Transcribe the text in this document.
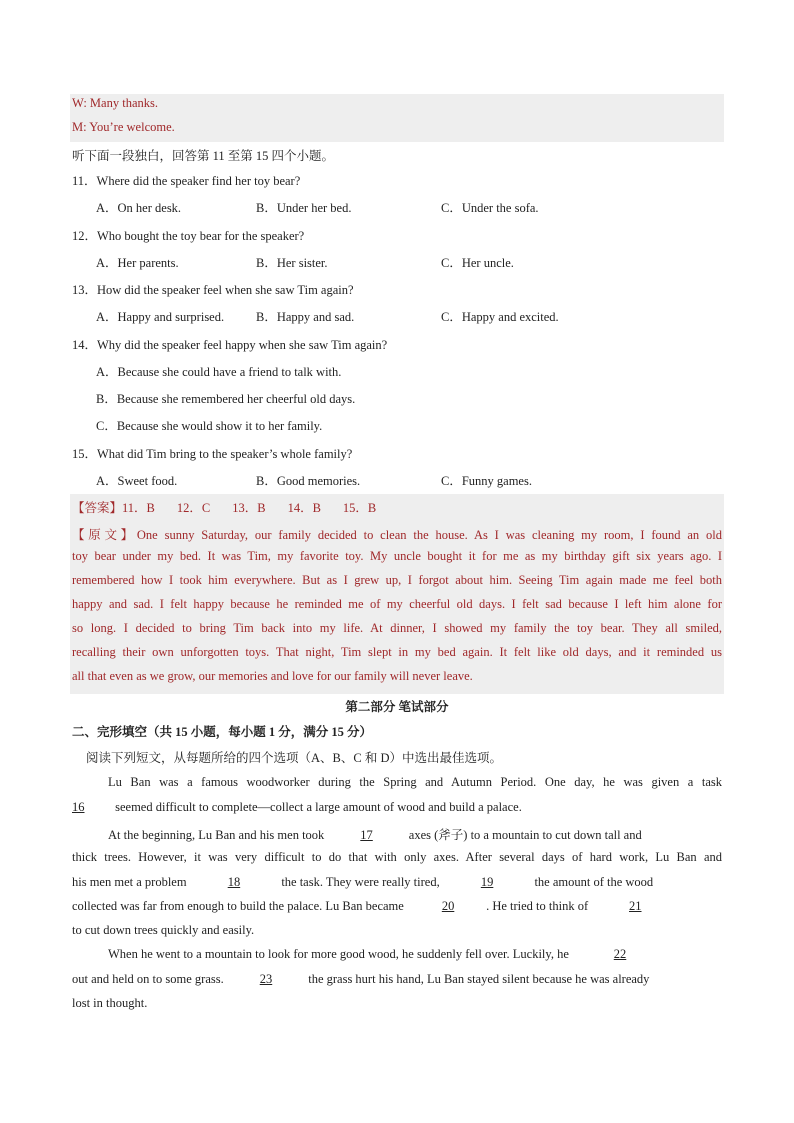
W: Many thanks.
M: You’re welcome.
听下面一段独白，回答第 11 至第 15 四个小题。
11．Where did the speaker find her toy bear?
A．On her desk.	B．Under her bed.	C．Under the sofa.
12．Who bought the toy bear for the speaker?
A．Her parents.	B．Her sister.	C．Her uncle.
13．How did the speaker feel when she saw Tim again?
A．Happy and surprised.	B．Happy and sad.	C．Happy and excited.
14．Why did the speaker feel happy when she saw Tim again?
A．Because she could have a friend to talk with.
B．Because she remembered her cheerful old days.
C．Because she would show it to her family.
15．What did Tim bring to the speaker’s whole family?
A．Sweet food.	B．Good memories.	C．Funny games.
【答案】11．B 12．C 13．B 14．B 15．B
【原文】One sunny Saturday, our family decided to clean the house. As I was cleaning my room, I found an old
toy bear under my bed. It was Tim, my favorite toy. My uncle bought it for me as my birthday gift six years ago. I
remembered how I took him everywhere. But as I grew up, I forgot about him. Seeing Tim again made me feel both
happy and sad. I felt happy because he reminded me of my cheerful old days. I felt sad because I left him alone for
so long. I decided to bring Tim back into my life. At dinner, I showed my family the toy bear. They all smiled,
recalling their own unforgotten toys. That night, Tim slept in my bed again. It felt like old days, and it reminded us
all that even as we grow, our memories and love for our family will never leave.
第二部分 笔试部分
二、完形填空（共 15 小题，每小题 1 分，满分 15 分）
阅读下列短文，从每题所给的四个选项（A、B、C 和 D）中选出最佳选项。
Lu Ban was a famous woodworker during the Spring and Autumn Period. One day, he was given a task
16 seemed difficult to complete—collect a large amount of wood and build a palace.
At the beginning, Lu Ban and his men took	17	axes (斧子) to a mountain to cut down tall and
thick trees. However, it was very difficult to do that with only axes. After several days of hard work, Lu Ban and
his men met a problem	18	the task. They were really tired,	19	the amount of the wood
collected was far from enough to build the palace. Lu Ban became	20	. He tried to think of	21
to cut down trees quickly and easily.
When he went to a mountain to look for more good wood, he suddenly fell over. Luckily, he	22
out and held on to some grass.	23	the grass hurt his hand, Lu Ban stayed silent because he was already
lost in thought.
